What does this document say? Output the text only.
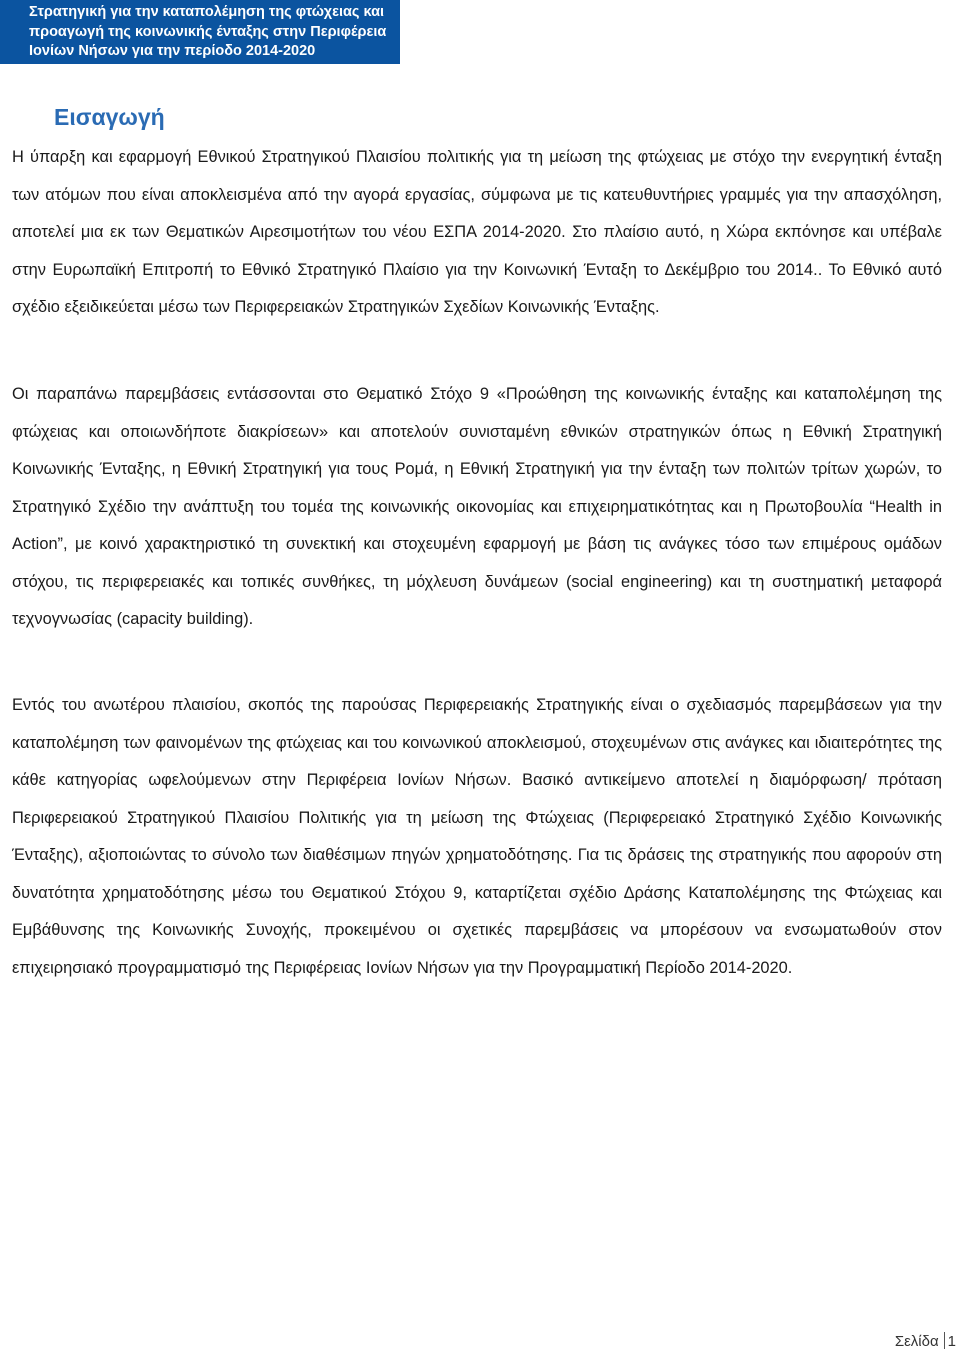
Στρατηγική για την καταπολέμηση της φτώχειας και
προαγωγή της κοινωνικής ένταξης στην Περιφέρεια
Ιονίων Νήσων για την περίοδο 2014-2020
Εισαγωγή

Η ύπαρξη και εφαρμογή Εθνικού Στρατηγικού Πλαισίου πολιτικής για τη μείωση της φτώχειας με στόχο την ενεργητική ένταξη των ατόμων που είναι αποκλεισμένα από την αγορά εργασίας, σύμφωνα με τις κατευθυντήριες γραμμές για την απασχόληση, αποτελεί μια εκ των Θεματικών Αιρεσιμοτήτων του νέου ΕΣΠΑ 2014-2020. Στο πλαίσιο αυτό, η Χώρα εκπόνησε και υπέβαλε στην Ευρωπαϊκή Επιτροπή το Εθνικό Στρατηγικό Πλαίσιο για την Κοινωνική Ένταξη το Δεκέμβριο του 2014.. Το Εθνικό αυτό σχέδιο εξειδικεύεται μέσω των Περιφερειακών Στρατηγικών Σχεδίων Κοινωνικής Ένταξης.

Οι παραπάνω παρεμβάσεις εντάσσονται στο Θεματικό Στόχο 9 «Προώθηση της κοινωνικής ένταξης και καταπολέμηση της φτώχειας και οποιωνδήποτε διακρίσεων» και αποτελούν συνισταμένη εθνικών στρατηγικών όπως η Εθνική Στρατηγική Κοινωνικής Ένταξης, η Εθνική Στρατηγική για τους Ρομά, η Εθνική Στρατηγική για την ένταξη των πολιτών τρίτων χωρών, το Στρατηγικό Σχέδιο την ανάπτυξη του τομέα της κοινωνικής οικονομίας και επιχειρηματικότητας και η Πρωτοβουλία “Health in Action”, με κοινό χαρακτηριστικό τη συνεκτική και στοχευμένη εφαρμογή με βάση τις ανάγκες τόσο των επιμέρους ομάδων στόχου, τις περιφερειακές και τοπικές συνθήκες, τη μόχλευση δυνάμεων (social engineering) και τη συστηματική μεταφορά τεχνογνωσίας (capacity building).

Εντός του ανωτέρου πλαισίου, σκοπός της παρούσας Περιφερειακής Στρατηγικής είναι ο σχεδιασμός παρεμβάσεων για την καταπολέμηση των φαινομένων της φτώχειας και του κοινωνικού αποκλεισμού, στοχευμένων στις ανάγκες και ιδιαιτερότητες της κάθε κατηγορίας ωφελούμενων στην Περιφέρεια Ιονίων Νήσων. Βασικό αντικείμενο αποτελεί η διαμόρφωση/ πρόταση Περιφερειακού Στρατηγικού Πλαισίου Πολιτικής για τη μείωση της Φτώχειας (Περιφερειακό Στρατηγικό Σχέδιο Κοινωνικής Ένταξης), αξιοποιώντας το σύνολο των διαθέσιμων πηγών χρηματοδότησης. Για τις δράσεις της στρατηγικής που αφορούν στη δυνατότητα χρηματοδότησης μέσω του Θεματικού Στόχου 9, καταρτίζεται σχέδιο Δράσης Καταπολέμησης της Φτώχειας και Εμβάθυνσης της Κοινωνικής Συνοχής, προκειμένου οι σχετικές παρεμβάσεις να μπορέσουν να ενσωματωθούν στον επιχειρησιακό προγραμματισμό της Περιφέρειας Ιονίων Νήσων για την Προγραμματική Περίοδο 2014-2020.

Σελίδα 1
